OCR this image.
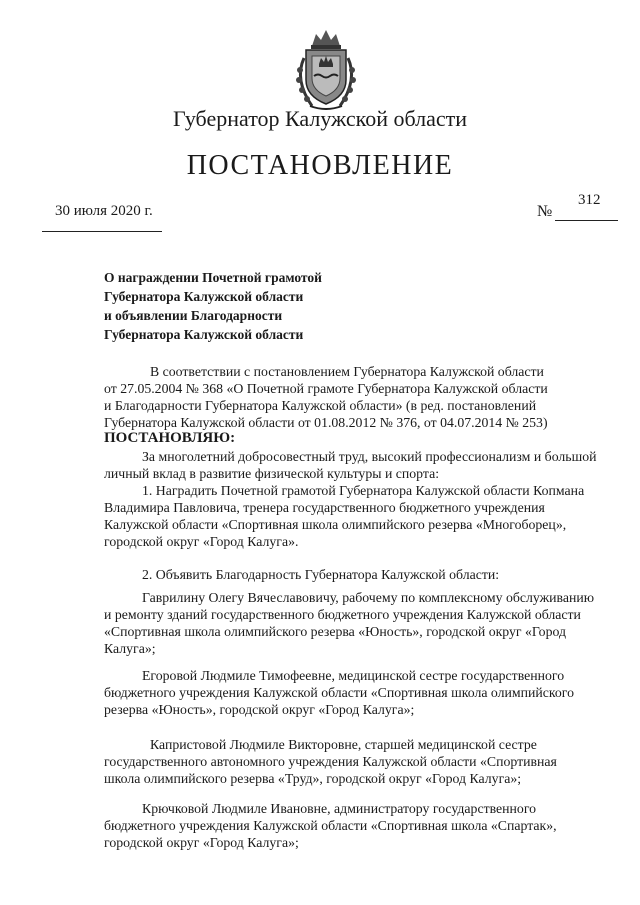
Губернатор Калужской области
ПОСТАНОВЛЕНИЕ
30 июля 2020 г.	№
312
О награждении Почетной грамотой
Губернатора Калужской области
и объявлении Благодарности
Губернатора Калужской области
В соответствии с постановлением Губернатора Калужской области
от 27.05.2004 № 368 «О Почетной грамоте Губернатора Калужской области
и Благодарности Губернатора Калужской области» (в ред. постановлений
Губернатора Калужской области от 01.08.2012 № 376, от 04.07.2014 № 253)
ПОСТАНОВЛЯЮ:
За многолетний добросовестный труд, высокий профессионализм и большой
личный вклад в развитие физической культуры и спорта:
1. Наградить Почетной грамотой Губернатора Калужской области Копмана
Владимира Павловича, тренера государственного бюджетного учреждения
Калужской области «Спортивная школа олимпийского резерва «Многоборец»,
городской округ «Город Калуга».
2. Объявить Благодарность Губернатора Калужской области:
Гаврилину Олегу Вячеславовичу, рабочему по комплексному обслуживанию
и ремонту зданий государственного бюджетного учреждения Калужской области
«Спортивная школа олимпийского резерва «Юность», городской округ «Город
Калуга»;
Егоровой Людмиле Тимофеевне, медицинской сестре государственного
бюджетного учреждения Калужской области «Спортивная школа олимпийского
резерва «Юность», городской округ «Город Калуга»;
Капристовой Людмиле Викторовне, старшей медицинской сестре
государственного автономного учреждения Калужской области «Спортивная
школа олимпийского резерва «Труд», городской округ «Город Калуга»;
Крючковой Людмиле Ивановне, администратору государственного
бюджетного учреждения Калужской области «Спортивная школа «Спартак»,
городской округ «Город Калуга»;
